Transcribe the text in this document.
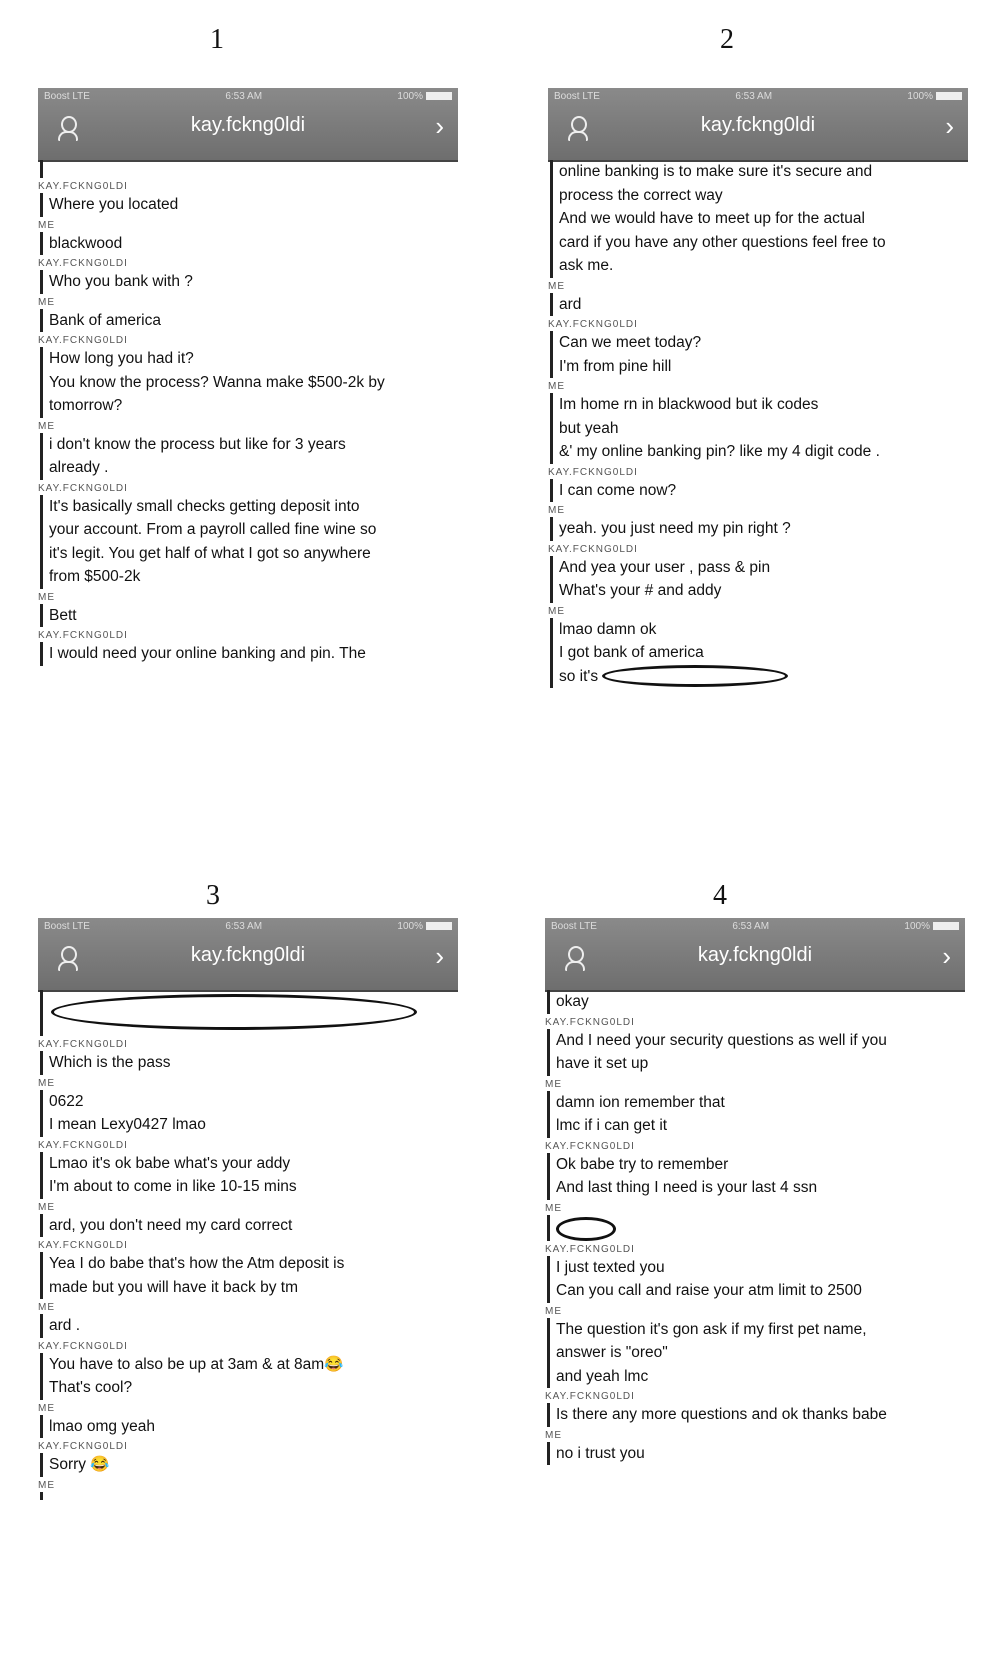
1
Boost LTE	6:53 AM	100%
kay.fckng0ldi	›
KAY.FCKNG0LDI
Where you located
ME
blackwood
KAY.FCKNG0LDI
Who you bank with ?
ME
Bank of america
KAY.FCKNG0LDI
How long you had it?
You know the process? Wanna make $500-2k by
tomorrow?
ME
i don't know the process but like for 3 years
already .
KAY.FCKNG0LDI
It's basically small checks getting deposit into
your account. From a payroll called fine wine so
it's legit. You get half of what I got so anywhere
from $500-2k
ME
Bett
KAY.FCKNG0LDI
I would need your online banking and pin. The
2
Boost LTE	6:53 AM	100%
kay.fckng0ldi	›
online banking is to make sure it's secure and
process the correct way
And we would have to meet up for the actual
card if you have any other questions feel free to
ask me.
ME
ard
KAY.FCKNG0LDI
Can we meet today?
I'm from pine hill
ME
Im home rn in blackwood but ik codes
but yeah
&' my online banking pin? like my 4 digit code .
KAY.FCKNG0LDI
I can come now?
ME
yeah. you just need my pin right ?
KAY.FCKNG0LDI
And yea your user , pass & pin
What's your # and addy
ME
lmao damn ok
I got bank of america
so it's
3
Boost LTE	6:53 AM	100%
kay.fckng0ldi	›
KAY.FCKNG0LDI
Which is the pass
ME
0622
I mean Lexy0427 lmao
KAY.FCKNG0LDI
Lmao it's ok babe what's your addy
I'm about to come in like 10-15 mins
ME
ard, you don't need my card correct
KAY.FCKNG0LDI
Yea I do babe that's how the Atm deposit is
made but you will have it back by tm
ME
ard .
KAY.FCKNG0LDI
You have to also be up at 3am & at 8am😂
That's cool?
ME
lmao omg yeah
KAY.FCKNG0LDI
Sorry 😂
ME
4
Boost LTE	6:53 AM	100%
kay.fckng0ldi	›
okay
KAY.FCKNG0LDI
And I need your security questions as well if you
have it set up
ME
damn ion remember that
lmc if i can get it
KAY.FCKNG0LDI
Ok babe try to remember
And last thing I need is your last 4 ssn
ME
KAY.FCKNG0LDI
I just texted you
Can you call and raise your atm limit to 2500
ME
The question it's gon ask if my first pet name,
answer is "oreo"
and yeah lmc
KAY.FCKNG0LDI
Is there any more questions and ok thanks babe
ME
no i trust you
